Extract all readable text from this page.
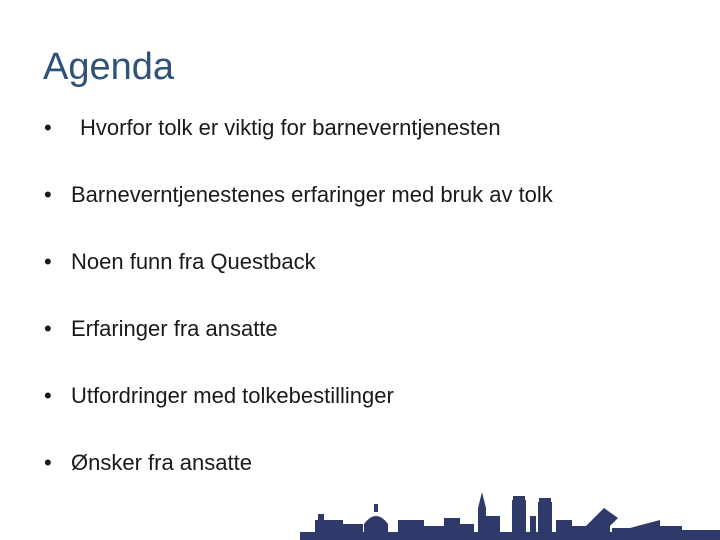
Agenda
• Hvorfor tolk er viktig for barneverntjenesten
• Barneverntjenestenes erfaringer med bruk av tolk
• Noen funn fra Questback
• Erfaringer fra ansatte
• Utfordringer med tolkebestillinger
• Ønsker fra ansatte
